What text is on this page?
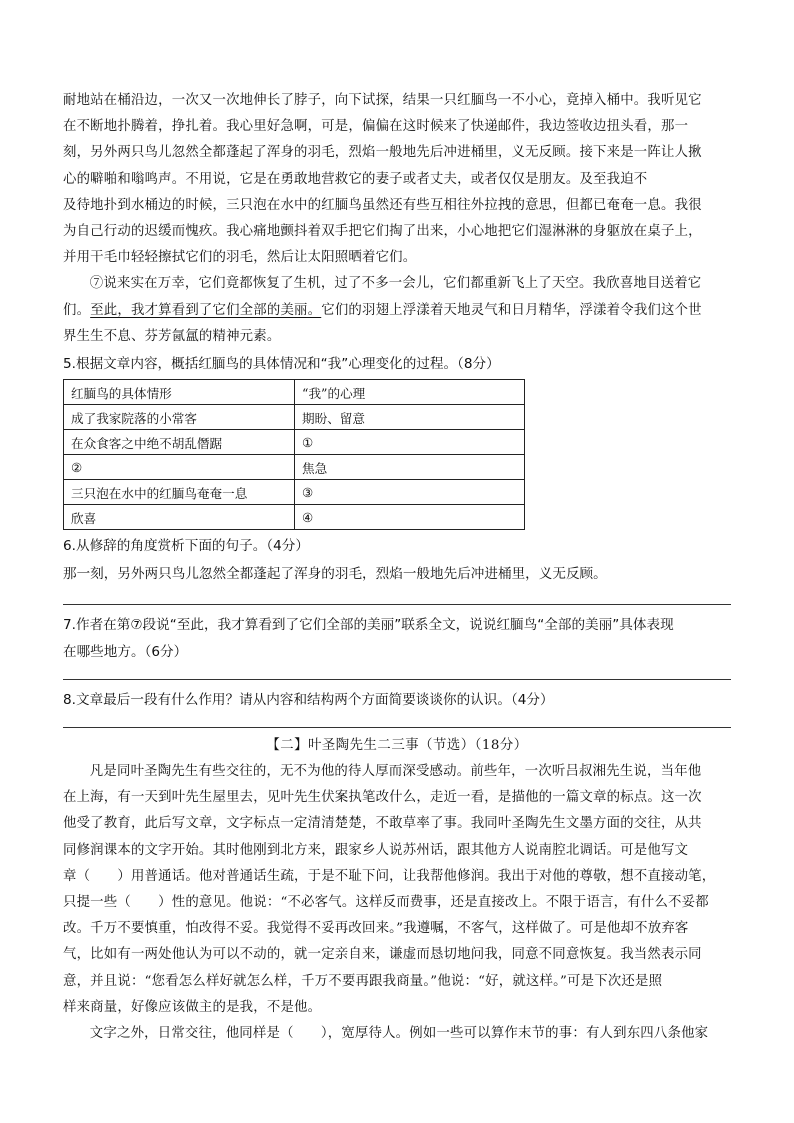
耐地站在桶沿边，一次又一次地伸长了脖子，向下试探，结果一只红腼鸟一不小心，竟掉入桶中。我听见它

在不断地扑腾着，挣扎着。我心里好急啊，可是，偏偏在这时候来了快递邮件，我边签收边扭头看，那一

刻，另外两只鸟儿忽然全都蓬起了浑身的羽毛，烈焰一般地先后冲进桶里，义无反顾。接下来是一阵让人揪

心的噼啪和嗡鸣声。不用说，它是在勇敢地营救它的妻子或者丈夫，或者仅仅是朋友。及至我迫不

及待地扑到水桶边的时候，三只泡在水中的红腼鸟虽然还有些互相往外拉拽的意思，但都已奄奄一息。我很

为自己行动的迟缓而愧疚。我心痛地颤抖着双手把它们掏了出来，小心地把它们湿淋淋的身躯放在桌子上，

并用干毛巾轻轻擦拭它们的羽毛，然后让太阳照晒着它们。

⑦说来实在万幸，它们竟都恢复了生机，过了不多一会儿，它们都重新飞上了天空。我欣喜地目送着它

们。至此，我才算看到了它们全部的美丽。它们的羽翅上浮漾着天地灵气和日月精华，浮漾着令我们这个世

界生生不息、芬芳氤氲的精神元素。

5.根据文章内容，概括红腼鸟的具体情况和“我”心理变化的过程。（8分）

红腼鸟的具体情形	“我”的心理
成了我家院落的小常客	期盼、留意
在众食客之中绝不胡乱僭踞	①
②	焦急
三只泡在水中的红腼鸟奄奄一息	③
欣喜	④

6.从修辞的角度赏析下面的句子。（4分）

那一刻，另外两只鸟儿忽然全都蓬起了浑身的羽毛，烈焰一般地先后冲进桶里，义无反顾。

7.作者在第⑦段说“至此，我才算看到了它们全部的美丽”联系全文，说说红腼鸟“全部的美丽”具体表现

在哪些地方。（6分）

8.文章最后一段有什么作用？请从内容和结构两个方面简要谈谈你的认识。（4分）

【二】叶圣陶先生二三事（节选）（18分）

凡是同叶圣陶先生有些交往的，无不为他的待人厚而深受感动。前些年，一次听吕叔湘先生说，当年他

在上海，有一天到叶先生屋里去，见叶先生伏案执笔改什么，走近一看，是描他的一篇文章的标点。这一次

他受了教育，此后写文章，文字标点一定清清楚楚，不敢草率了事。我同叶圣陶先生文墨方面的交往，从共

同修润课本的文字开始。其时他刚到北方来，跟家乡人说苏州话，跟其他方人说南腔北调话。可是他写文

章（　　）用普通话。他对普通话生疏，于是不耻下问，让我帮他修润。我出于对他的尊敬，想不直接动笔，

只提一些（　　）性的意见。他说：“不必客气。这样反而费事，还是直接改上。不限于语言，有什么不妥都

改。千万不要慎重，怕改得不妥。我觉得不妥再改回来。”我遵嘱，不客气，这样做了。可是他却不放弃客

气，比如有一两处他认为可以不动的，就一定亲自来，谦虚而恳切地问我，同意不同意恢复。我当然表示同

意，并且说：“您看怎么样好就怎么样，千万不要再跟我商量。”他说：“好，就这样。”可是下次还是照

样来商量，好像应该做主的是我，不是他。

文字之外，日常交往，他同样是（　　），宽厚待人。例如一些可以算作末节的事：有人到东四八条他家
